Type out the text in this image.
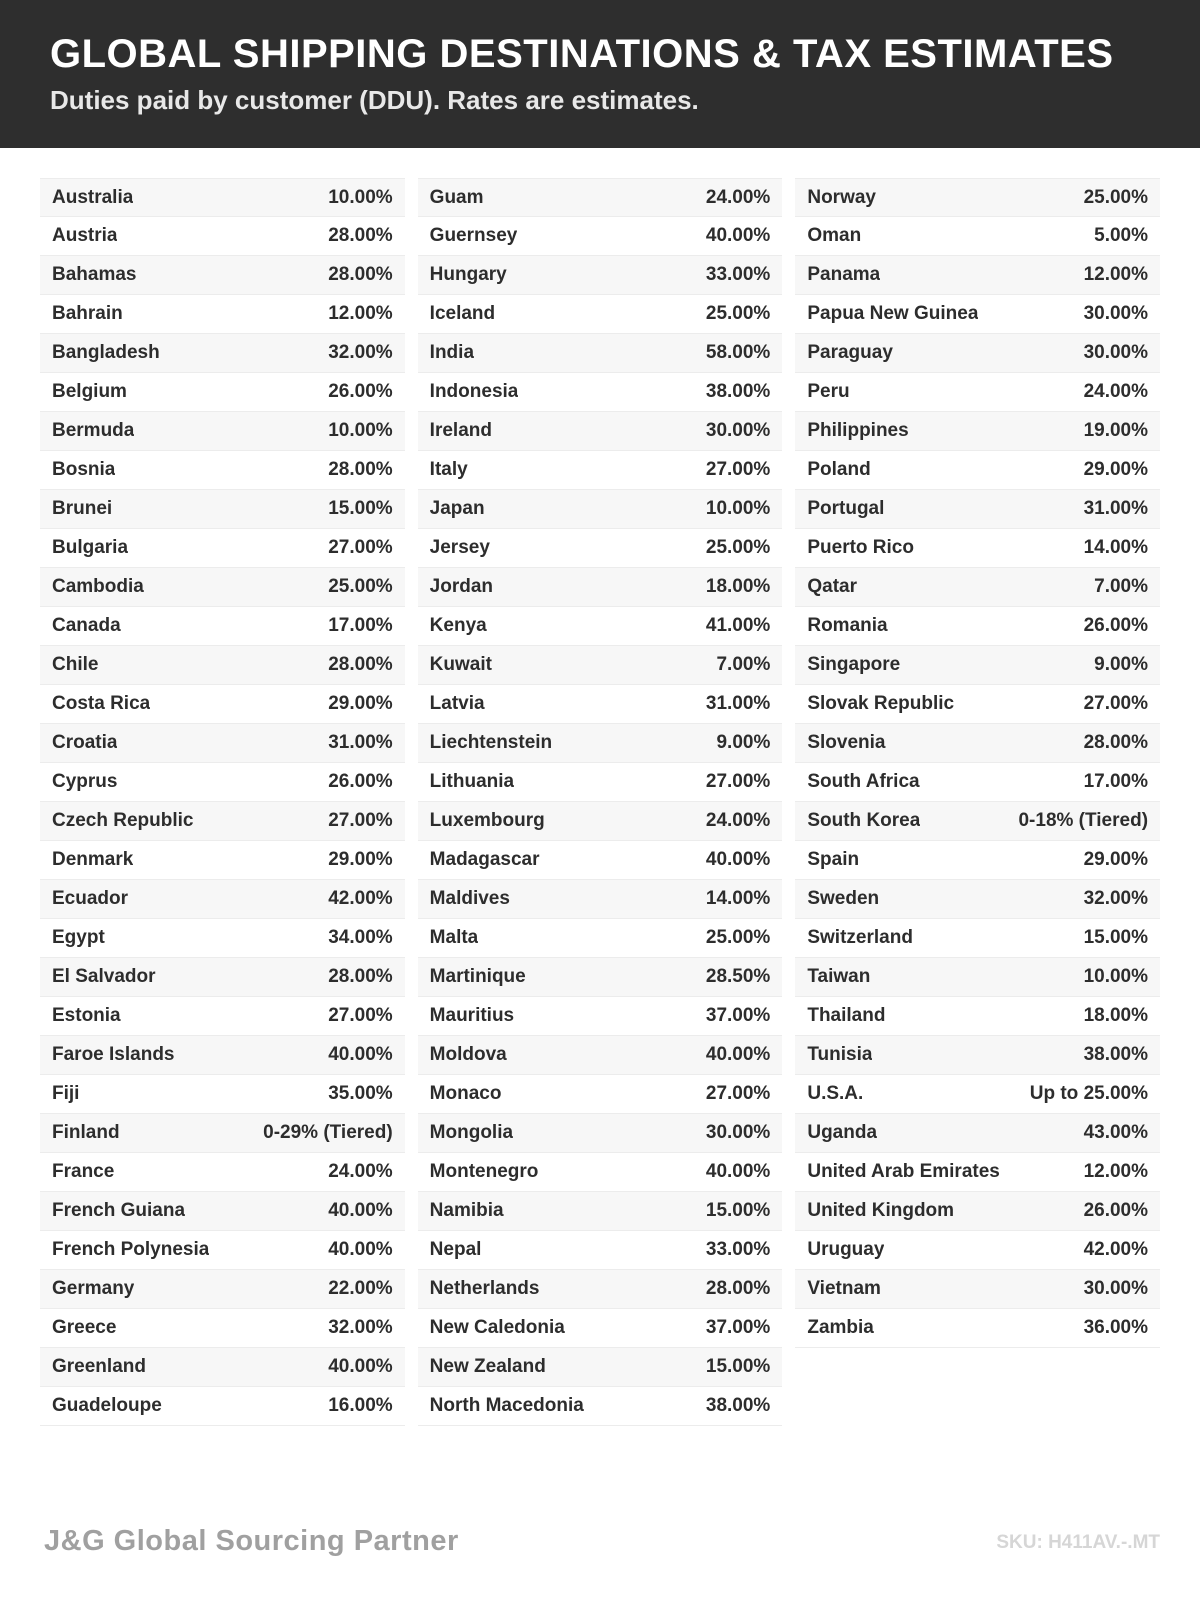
GLOBAL SHIPPING DESTINATIONS & TAX ESTIMATES
Duties paid by customer (DDU). Rates are estimates.
Australia	10.00%
Austria	28.00%
Bahamas	28.00%
Bahrain	12.00%
Bangladesh	32.00%
Belgium	26.00%
Bermuda	10.00%
Bosnia	28.00%
Brunei	15.00%
Bulgaria	27.00%
Cambodia	25.00%
Canada	17.00%
Chile	28.00%
Costa Rica	29.00%
Croatia	31.00%
Cyprus	26.00%
Czech Republic	27.00%
Denmark	29.00%
Ecuador	42.00%
Egypt	34.00%
El Salvador	28.00%
Estonia	27.00%
Faroe Islands	40.00%
Fiji	35.00%
Finland	0-29% (Tiered)
France	24.00%
French Guiana	40.00%
French Polynesia	40.00%
Germany	22.00%
Greece	32.00%
Greenland	40.00%
Guadeloupe	16.00%
Guam	24.00%
Guernsey	40.00%
Hungary	33.00%
Iceland	25.00%
India	58.00%
Indonesia	38.00%
Ireland	30.00%
Italy	27.00%
Japan	10.00%
Jersey	25.00%
Jordan	18.00%
Kenya	41.00%
Kuwait	7.00%
Latvia	31.00%
Liechtenstein	9.00%
Lithuania	27.00%
Luxembourg	24.00%
Madagascar	40.00%
Maldives	14.00%
Malta	25.00%
Martinique	28.50%
Mauritius	37.00%
Moldova	40.00%
Monaco	27.00%
Mongolia	30.00%
Montenegro	40.00%
Namibia	15.00%
Nepal	33.00%
Netherlands	28.00%
New Caledonia	37.00%
New Zealand	15.00%
North Macedonia	38.00%
Norway	25.00%
Oman	5.00%
Panama	12.00%
Papua New Guinea	30.00%
Paraguay	30.00%
Peru	24.00%
Philippines	19.00%
Poland	29.00%
Portugal	31.00%
Puerto Rico	14.00%
Qatar	7.00%
Romania	26.00%
Singapore	9.00%
Slovak Republic	27.00%
Slovenia	28.00%
South Africa	17.00%
South Korea	0-18% (Tiered)
Spain	29.00%
Sweden	32.00%
Switzerland	15.00%
Taiwan	10.00%
Thailand	18.00%
Tunisia	38.00%
U.S.A.	Up to 25.00%
Uganda	43.00%
United Arab Emirates	12.00%
United Kingdom	26.00%
Uruguay	42.00%
Vietnam	30.00%
Zambia	36.00%
J&G Global Sourcing Partner	SKU: H411AV.-.MT
